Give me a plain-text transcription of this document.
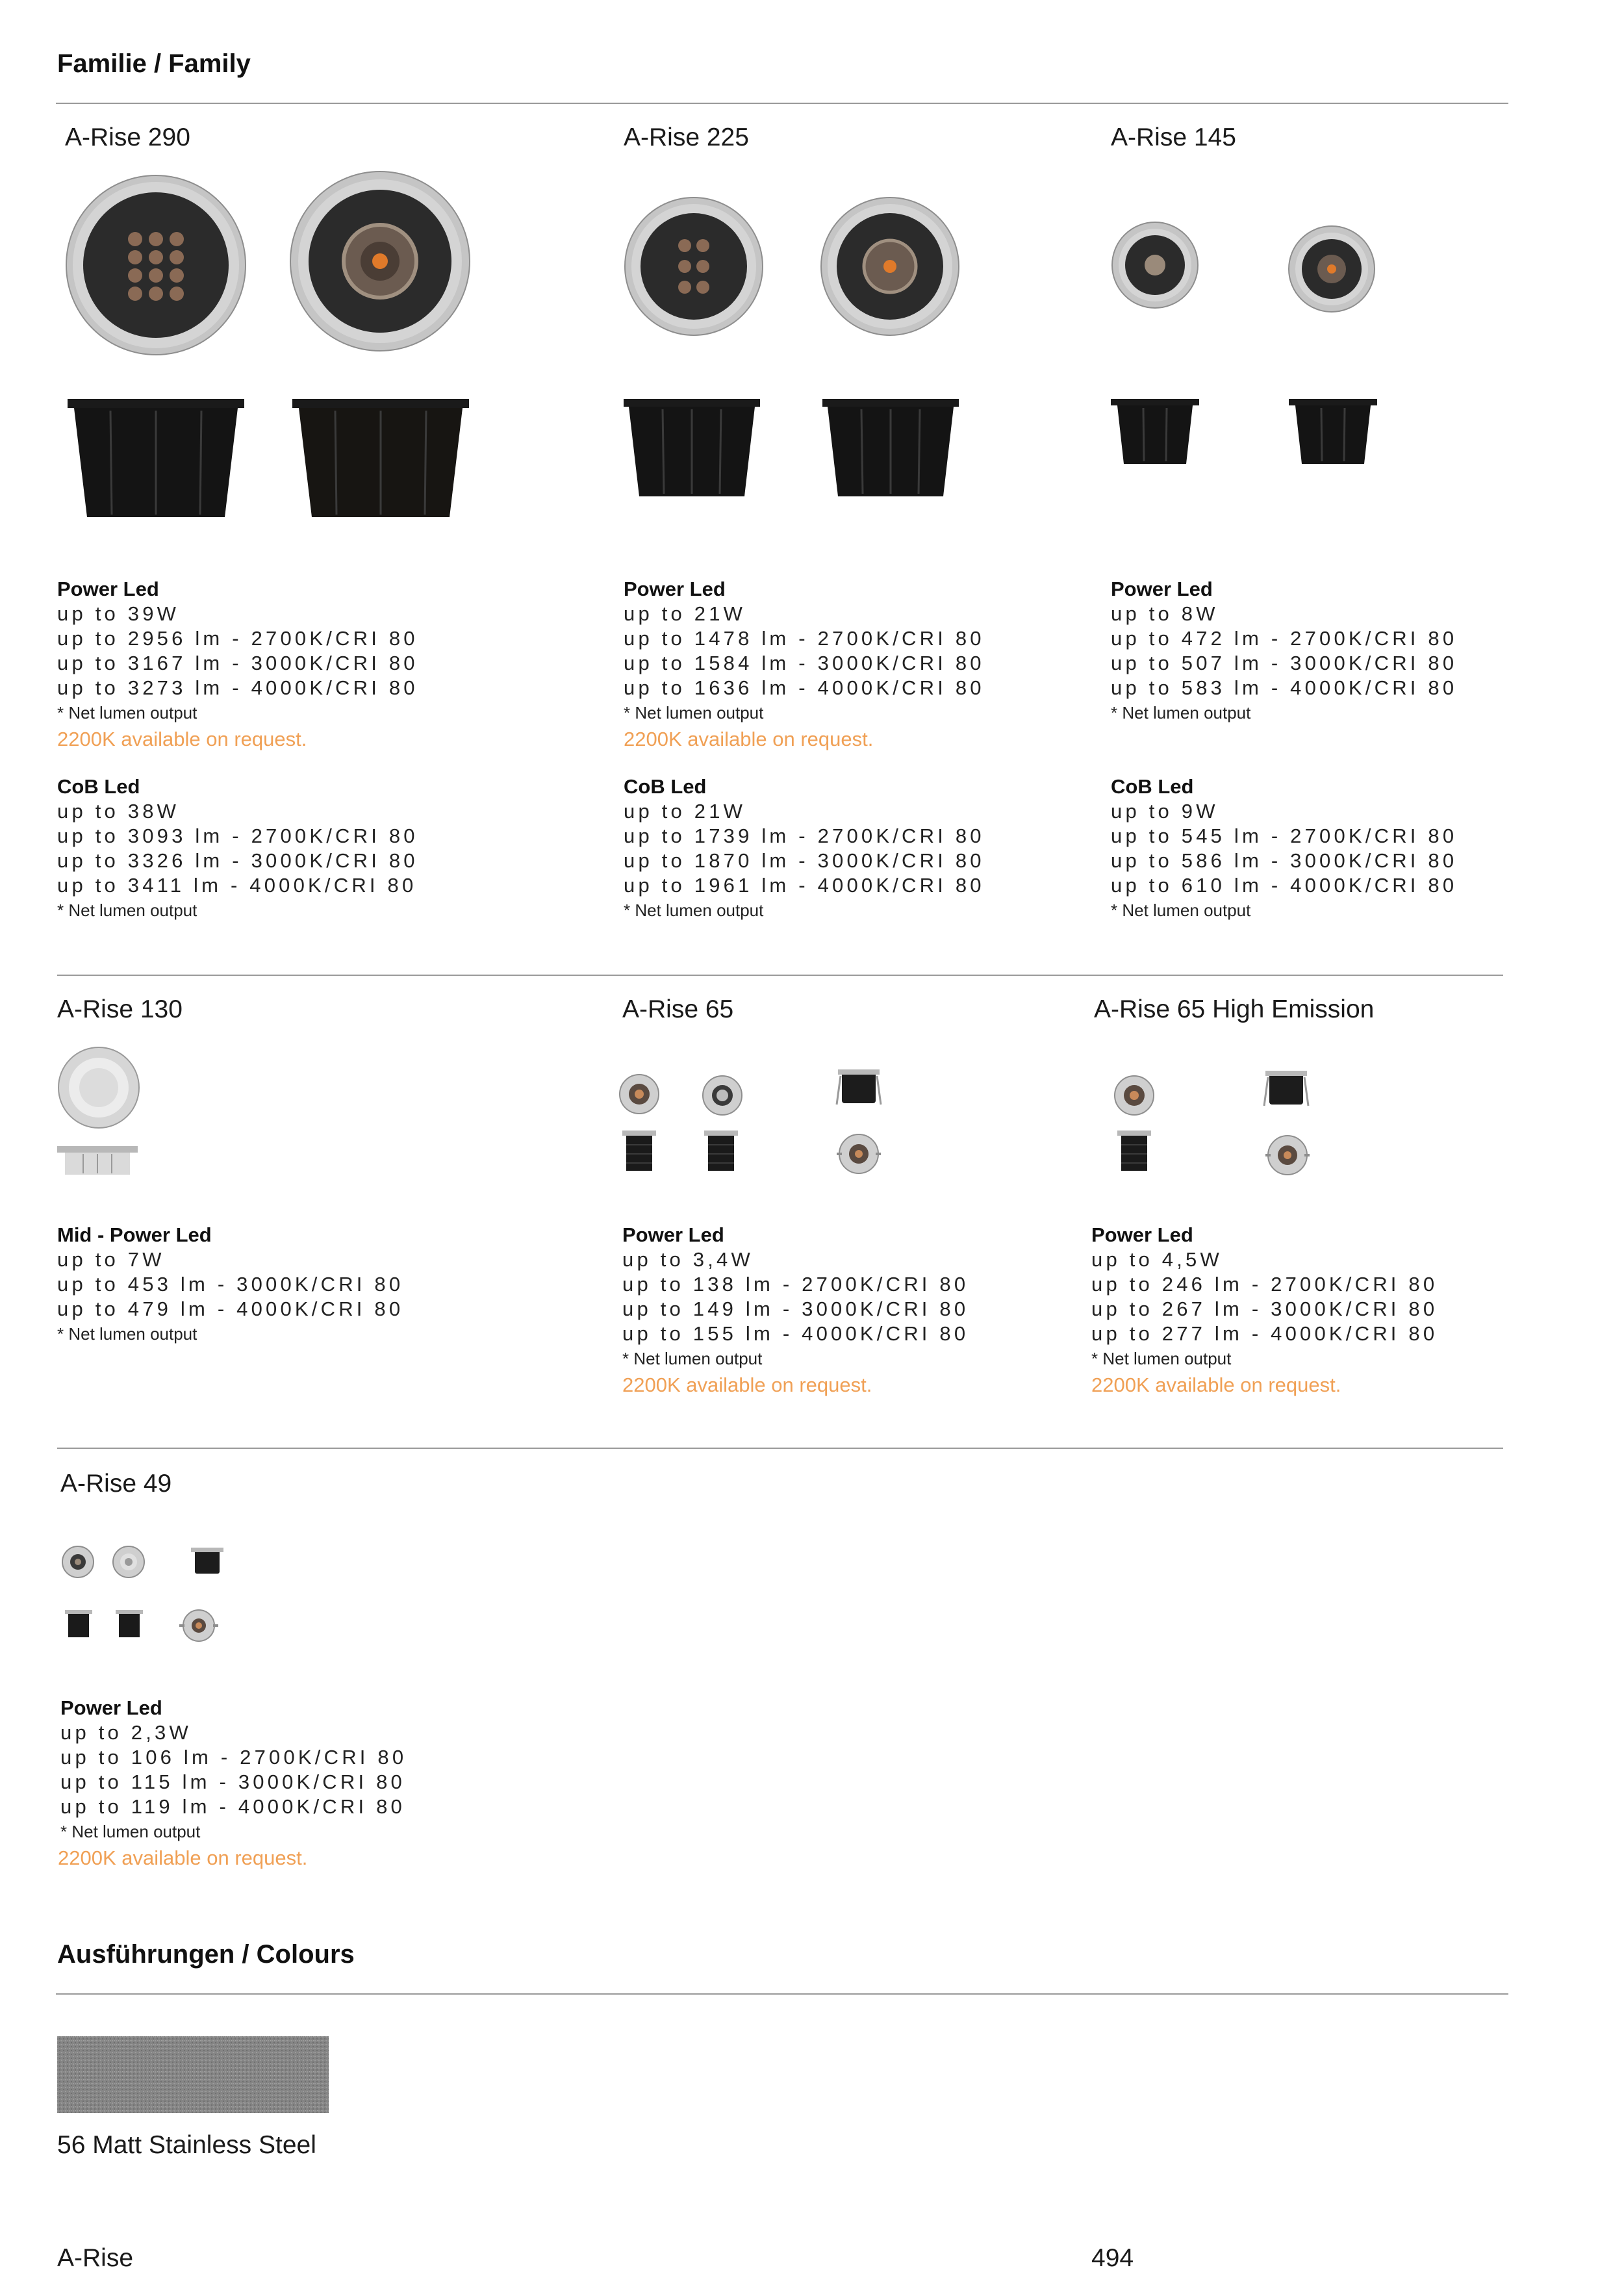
Familie / Family
A-Rise 290
Power Led
up to 39W
up to 2956 lm - 2700K/CRI 80
up to 3167 lm - 3000K/CRI 80
up to 3273 lm - 4000K/CRI 80
* Net lumen output
2200K available on request.
CoB Led
up to 38W
up to 3093 lm - 2700K/CRI 80
up to 3326 lm - 3000K/CRI 80
up to 3411 lm - 4000K/CRI 80
* Net lumen output
A-Rise 225
Power Led
up to 21W
up to 1478 lm - 2700K/CRI 80
up to 1584 lm - 3000K/CRI 80
up to 1636 lm - 4000K/CRI 80
* Net lumen output
2200K available on request.
CoB Led
up to 21W
up to 1739 lm - 2700K/CRI 80
up to 1870 lm - 3000K/CRI 80
up to 1961 lm - 4000K/CRI 80
* Net lumen output
A-Rise 145
Power Led
up to 8W
up to 472 lm - 2700K/CRI 80
up to 507 lm - 3000K/CRI 80
up to 583 lm - 4000K/CRI 80
* Net lumen output
CoB Led
up to 9W
up to 545 lm - 2700K/CRI 80
up to 586 lm - 3000K/CRI 80
up to 610 lm - 4000K/CRI 80
* Net lumen output
A-Rise 130
Mid - Power Led
up to 7W
up to 453 lm - 3000K/CRI 80
up to 479 lm - 4000K/CRI 80
* Net lumen output
A-Rise 65
Power Led
up to 3,4W
up to 138 lm - 2700K/CRI 80
up to 149 lm - 3000K/CRI 80
up to 155 lm - 4000K/CRI 80
* Net lumen output
2200K available on request.
A-Rise 65 High Emission
Power Led
up to 4,5W
up to 246 lm - 2700K/CRI 80
up to 267 lm - 3000K/CRI 80
up to 277 lm - 4000K/CRI 80
* Net lumen output
2200K available on request.
A-Rise 49
Power Led
up to 2,3W
up to 106 lm - 2700K/CRI 80
up to 115 lm - 3000K/CRI 80
up to 119 lm - 4000K/CRI 80
* Net lumen output
2200K available on request.
Ausführungen / Colours
56 Matt Stainless Steel
A-Rise	494
